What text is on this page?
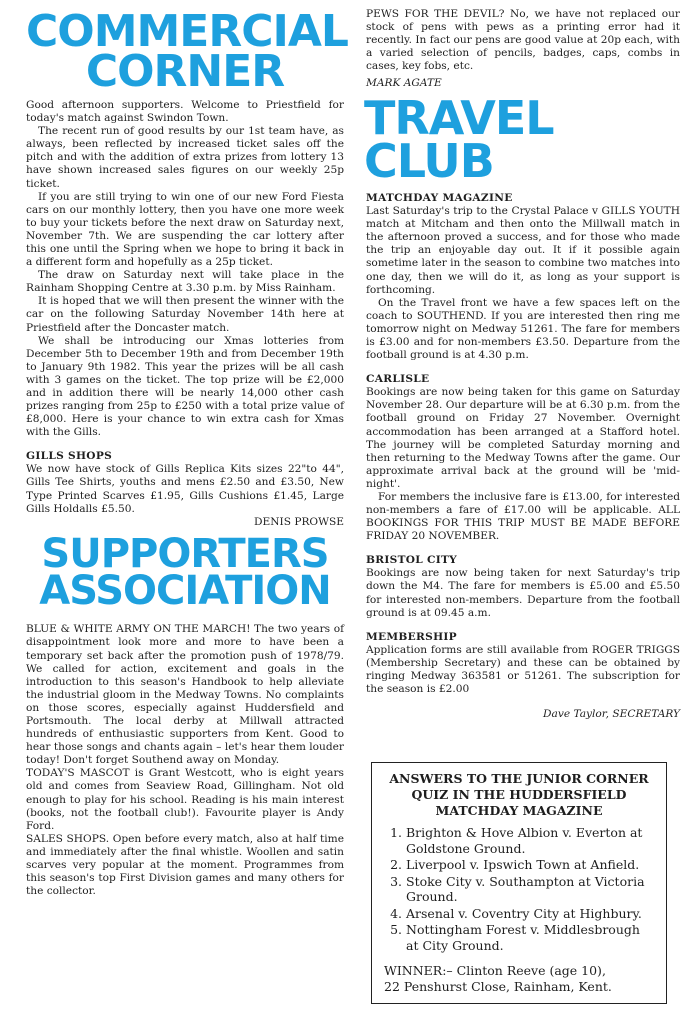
COMMERCIAL
CORNER

Good afternoon supporters. Welcome to Priestfield for today's match against Swindon Town.

The recent run of good results by our 1st team have, as always, been reflected by increased ticket sales off the pitch and with the addition of extra prizes from lottery 13 have shown increased sales figures on our weekly 25p ticket.

If you are still trying to win one of our new Ford Fiesta cars on our monthly lottery, then you have one more week to buy your tickets before the next draw on Saturday next, November 7th. We are suspending the car lottery after this one until the Spring when we hope to bring it back in a different form and hopefully as a 25p ticket.

The draw on Saturday next will take place in the Rainham Shopping Centre at 3.30 p.m. by Miss Rainham.

It is hoped that we will then present the winner with the car on the following Saturday November 14th here at Priestfield after the Doncaster match.

We shall be introducing our Xmas lotteries from December 5th to December 19th and from December 19th to January 9th 1982. This year the prizes will be all cash with 3 games on the ticket. The top prize will be £2,000 and in addition there will be nearly 14,000 other cash prizes ranging from 25p to £250 with a total prize value of £8,000. Here is your chance to win extra cash for Xmas with the Gills.

GILLS SHOPS

We now have stock of Gills Replica Kits sizes 22"to 44", Gills Tee Shirts, youths and mens £2.50 and £3.50, New Type Printed Scarves £1.95, Gills Cushions £1.45, Large Gills Holdalls £5.50.

DENIS PROWSE
SUPPORTERS
ASSOCIATION

BLUE & WHITE ARMY ON THE MARCH! The two years of disappointment look more and more to have been a temporary set back after the promotion push of 1978/79. We called for action, excitement and goals in the introduction to this season's Handbook to help alleviate the industrial gloom in the Medway Towns. No complaints on those scores, especially against Huddersfield and Portsmouth. The local derby at Millwall attracted hundreds of enthusiastic supporters from Kent. Good to hear those songs and chants again – let's hear them louder today! Don't forget Southend away on Monday.

TODAY'S MASCOT is Grant Westcott, who is eight years old and comes from Seaview Road, Gillingham. Not old enough to play for his school. Reading is his main interest (books, not the football club!). Favourite player is Andy Ford.

SALES SHOPS. Open before every match, also at half time and immediately after the final whistle. Woollen and satin scarves very popular at the moment. Programmes from this season's top First Division games and many others for the collector.

PEWS FOR THE DEVIL? No, we have not replaced our stock of pens with pews as a printing error had it recently. In fact our pens are good value at 20p each, with a varied selection of pencils, badges, caps, combs in cases, key fobs, etc.

MARK AGATE
TRAVEL CLUB
MATCHDAY MAGAZINE

Last Saturday's trip to the Crystal Palace v GILLS YOUTH match at Mitcham and then onto the Millwall match in the afternoon proved a success, and for those who made the trip an enjoyable day out. It if it possible again sometime later in the season to combine two matches into one day, then we will do it, as long as your support is forthcoming.

On the Travel front we have a few spaces left on the coach to SOUTHEND. If you are interested then ring me tomorrow night on Medway 51261. The fare for members is £3.00 and for non-members £3.50. Departure from the football ground is at 4.30 p.m.

CARLISLE

Bookings are now being taken for this game on Saturday November 28. Our departure will be at 6.30 p.m. from the football ground on Friday 27 November. Overnight accommodation has been arranged at a Stafford hotel. The journey will be completed Saturday morning and then returning to the Medway Towns after the game. Our approximate arrival back at the ground will be 'mid-night'.

For members the inclusive fare is £13.00, for interested non-members a fare of £17.00 will be applicable. ALL BOOKINGS FOR THIS TRIP MUST BE MADE BEFORE FRIDAY 20 NOVEMBER.

BRISTOL CITY

Bookings are now being taken for next Saturday's trip down the M4. The fare for members is £5.00 and £5.50 for interested non-members. Departure from the football ground is at 09.45 a.m.

MEMBERSHIP

Application forms are still available from ROGER TRIGGS (Membership Secretary) and these can be obtained by ringing Medway 363581 or 51261. The subscription for the season is £2.00

Dave Taylor, SECRETARY
ANSWERS TO THE JUNIOR CORNER QUIZ IN THE HUDDERSFIELD MATCHDAY MAGAZINE
1. Brighton & Hove Albion v. Everton at Goldstone Ground.
2. Liverpool v. Ipswich Town at Anfield.
3. Stoke City v. Southampton at Victoria Ground.
4. Arsenal v. Coventry City at Highbury.
5. Nottingham Forest v. Middlesbrough at City Ground.
WINNER:– Clinton Reeve (age 10),
22 Penshurst Close, Rainham, Kent.
